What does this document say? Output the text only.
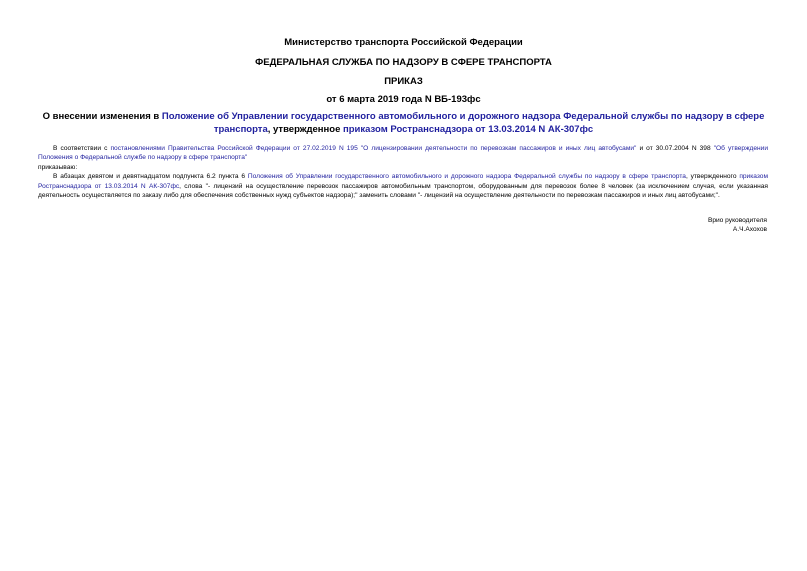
Министерство транспорта Российской Федерации
ФЕДЕРАЛЬНАЯ СЛУЖБА ПО НАДЗОРУ В СФЕРЕ ТРАНСПОРТА
ПРИКАЗ
от 6 марта 2019 года N ВБ-193фс
О внесении изменения в Положение об Управлении государственного автомобильного и дорожного надзора Федеральной службы по надзору в сфере транспорта, утвержденное приказом Ространснадзора от 13.03.2014 N АК-307фс

В соответствии с постановлениями Правительства Российской Федерации от 27.02.2019 N 195 "О лицензировании деятельности по перевозкам пассажиров и иных лиц автобусами" и от 30.07.2004 N 398 "Об утверждении Положения о Федеральной службе по надзору в сфере транспорта"

приказываю:

В абзацах девятом и девятнадцатом подпункта 6.2 пункта 6 Положения об Управлении государственного автомобильного и дорожного надзора Федеральной службы по надзору в сфере транспорта, утвержденного приказом Ространснадзора от 13.03.2014 N АК-307фс, слова "- лицензий на осуществление перевозок пассажиров автомобильным транспортом, оборудованным для перевозок более 8 человек (за исключением случая, если указанная деятельность осуществляется по заказу либо для обеспечения собственных нужд субъектов надзора);" заменить словами "- лицензий на осуществление деятельности по перевозкам пассажиров и иных лиц автобусами;".

Врио руководителя
А.Ч.Ахохов
